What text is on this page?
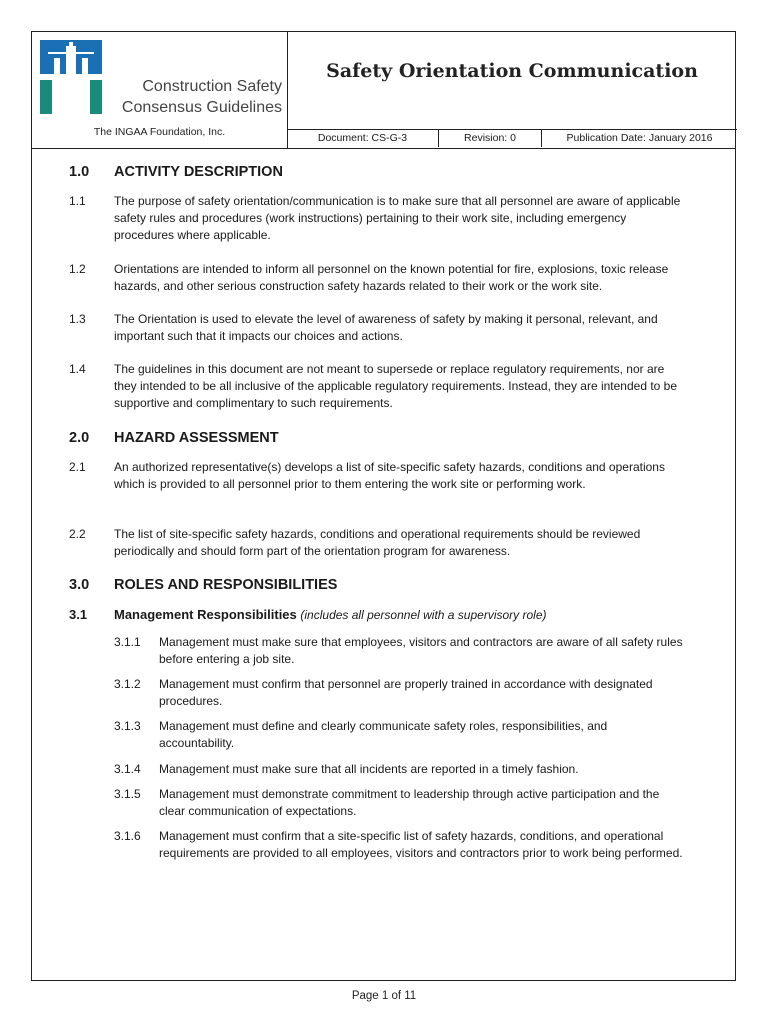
Construction Safety
Consensus Guidelines
The INGAA Foundation, Inc.
Safety Orientation Communication
Document: CS-G-3	Revision: 0	Publication Date: January 2016
1.0 ACTIVITY DESCRIPTION
1.1 The purpose of safety orientation/communication is to make sure that all personnel are aware of applicable safety rules and procedures (work instructions) pertaining to their work site, including emergency procedures where applicable.
1.2 Orientations are intended to inform all personnel on the known potential for fire, explosions, toxic release hazards, and other serious construction safety hazards related to their work or the work site.
1.3 The Orientation is used to elevate the level of awareness of safety by making it personal, relevant, and important such that it impacts our choices and actions.
1.4 The guidelines in this document are not meant to supersede or replace regulatory requirements, nor are they intended to be all inclusive of the applicable regulatory requirements. Instead, they are intended to be supportive and complimentary to such requirements.
2.0 HAZARD ASSESSMENT
2.1 An authorized representative(s) develops a list of site-specific safety hazards, conditions and operations which is provided to all personnel prior to them entering the work site or performing work.
2.2 The list of site-specific safety hazards, conditions and operational requirements should be reviewed periodically and should form part of the orientation program for awareness.
3.0 ROLES AND RESPONSIBILITIES
3.1 Management Responsibilities (includes all personnel with a supervisory role)
3.1.1 Management must make sure that employees, visitors and contractors are aware of all safety rules before entering a job site.
3.1.2 Management must confirm that personnel are properly trained in accordance with designated procedures.
3.1.3 Management must define and clearly communicate safety roles, responsibilities, and accountability.
3.1.4 Management must make sure that all incidents are reported in a timely fashion.
3.1.5 Management must demonstrate commitment to leadership through active participation and the clear communication of expectations.
3.1.6 Management must confirm that a site-specific list of safety hazards, conditions, and operational requirements are provided to all employees, visitors and contractors prior to work being performed.
Page 1 of 11
